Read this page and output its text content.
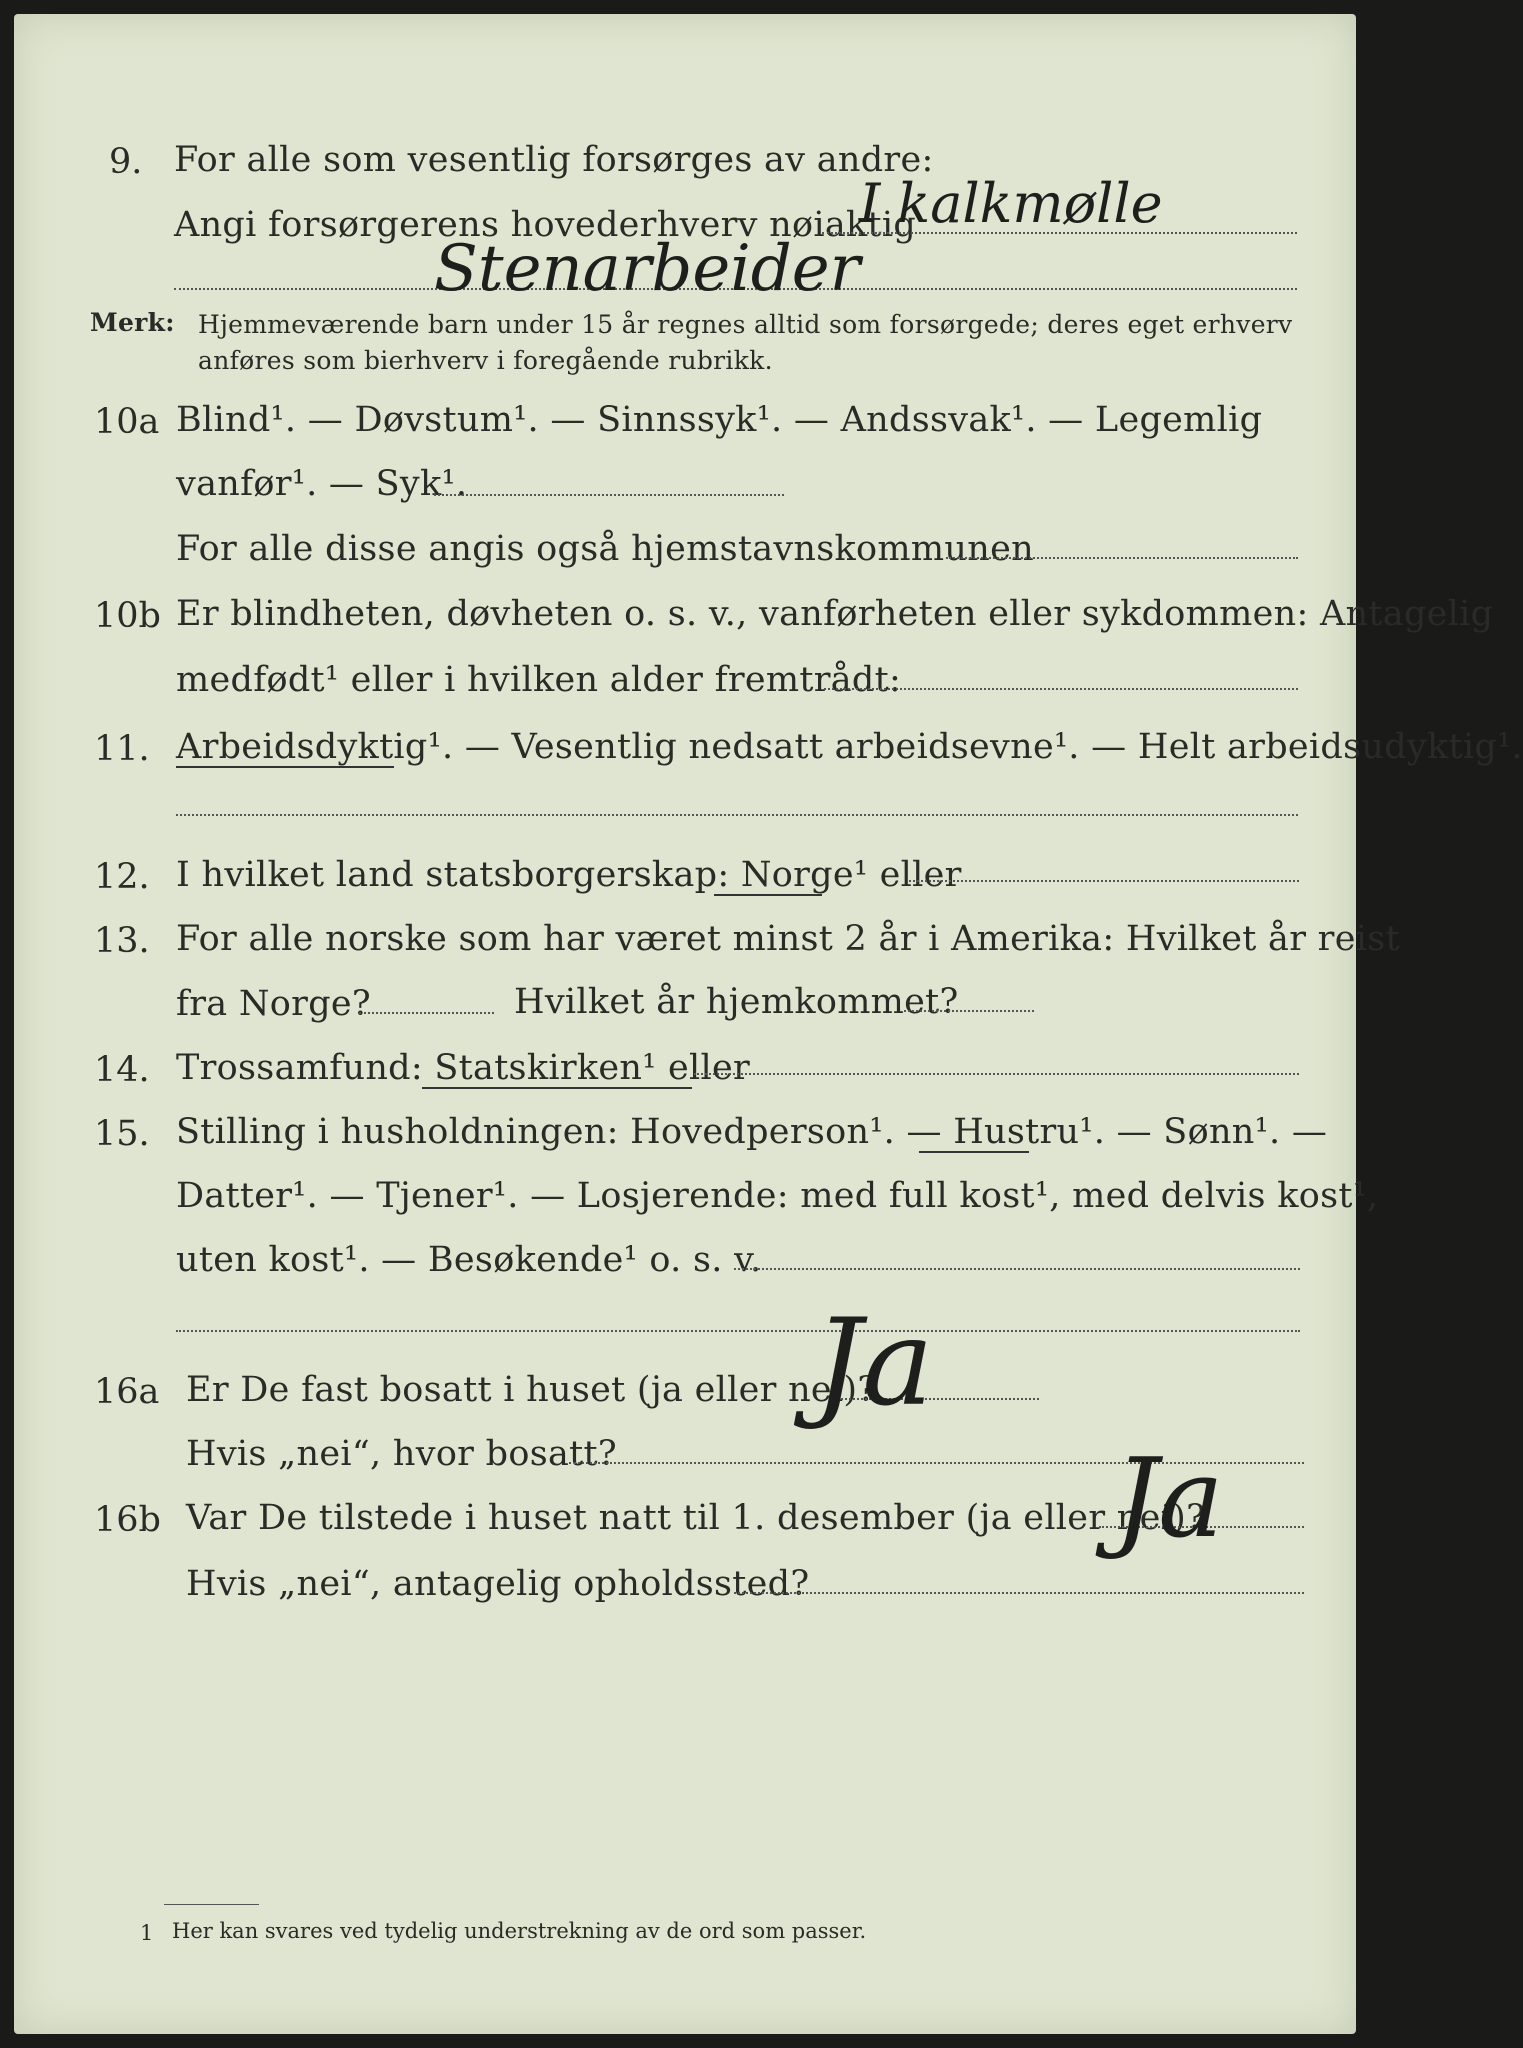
9. For alle som vesentlig forsørges av andre:
Angi forsørgerens hovederhverv nøiaktig
I kalkmølle
Stenarbeider
Merk: Hjemmeværende barn under 15 år regnes alltid som forsørgede; deres eget erhverv
anføres som bierhverv i foregående rubrikk.
10a Blind¹. — Døvstum¹. — Sinnssyk¹. — Andssvak¹. — Legemlig
vanfør¹. — Syk¹.
For alle disse angis også hjemstavnskommunen
10b Er blindheten, døvheten o. s. v., vanførheten eller sykdommen: Antagelig
medfødt¹ eller i hvilken alder fremtrådt:
11. Arbeidsdyktig¹. — Vesentlig nedsatt arbeidsevne¹. — Helt arbeidsudyktig¹.
12. I hvilket land statsborgerskap: Norge¹ eller
13. For alle norske som har været minst 2 år i Amerika: Hvilket år reist
fra Norge?	Hvilket år hjemkommet?
14. Trossamfund: Statskirken¹ eller
15. Stilling i husholdningen: Hovedperson¹. — Hustru¹. — Sønn¹. —
Datter¹. — Tjener¹. — Losjerende: med full kost¹, med delvis kost¹,
uten kost¹. — Besøkende¹ o. s. v.
16a Er De fast bosatt i huset (ja eller nei)?
Ja
Hvis „nei“, hvor bosatt?
16b Var De tilstede i huset natt til 1. desember (ja eller nei)?
Ja
Hvis „nei“, antagelig opholdssted?
1 Her kan svares ved tydelig understrekning av de ord som passer.
